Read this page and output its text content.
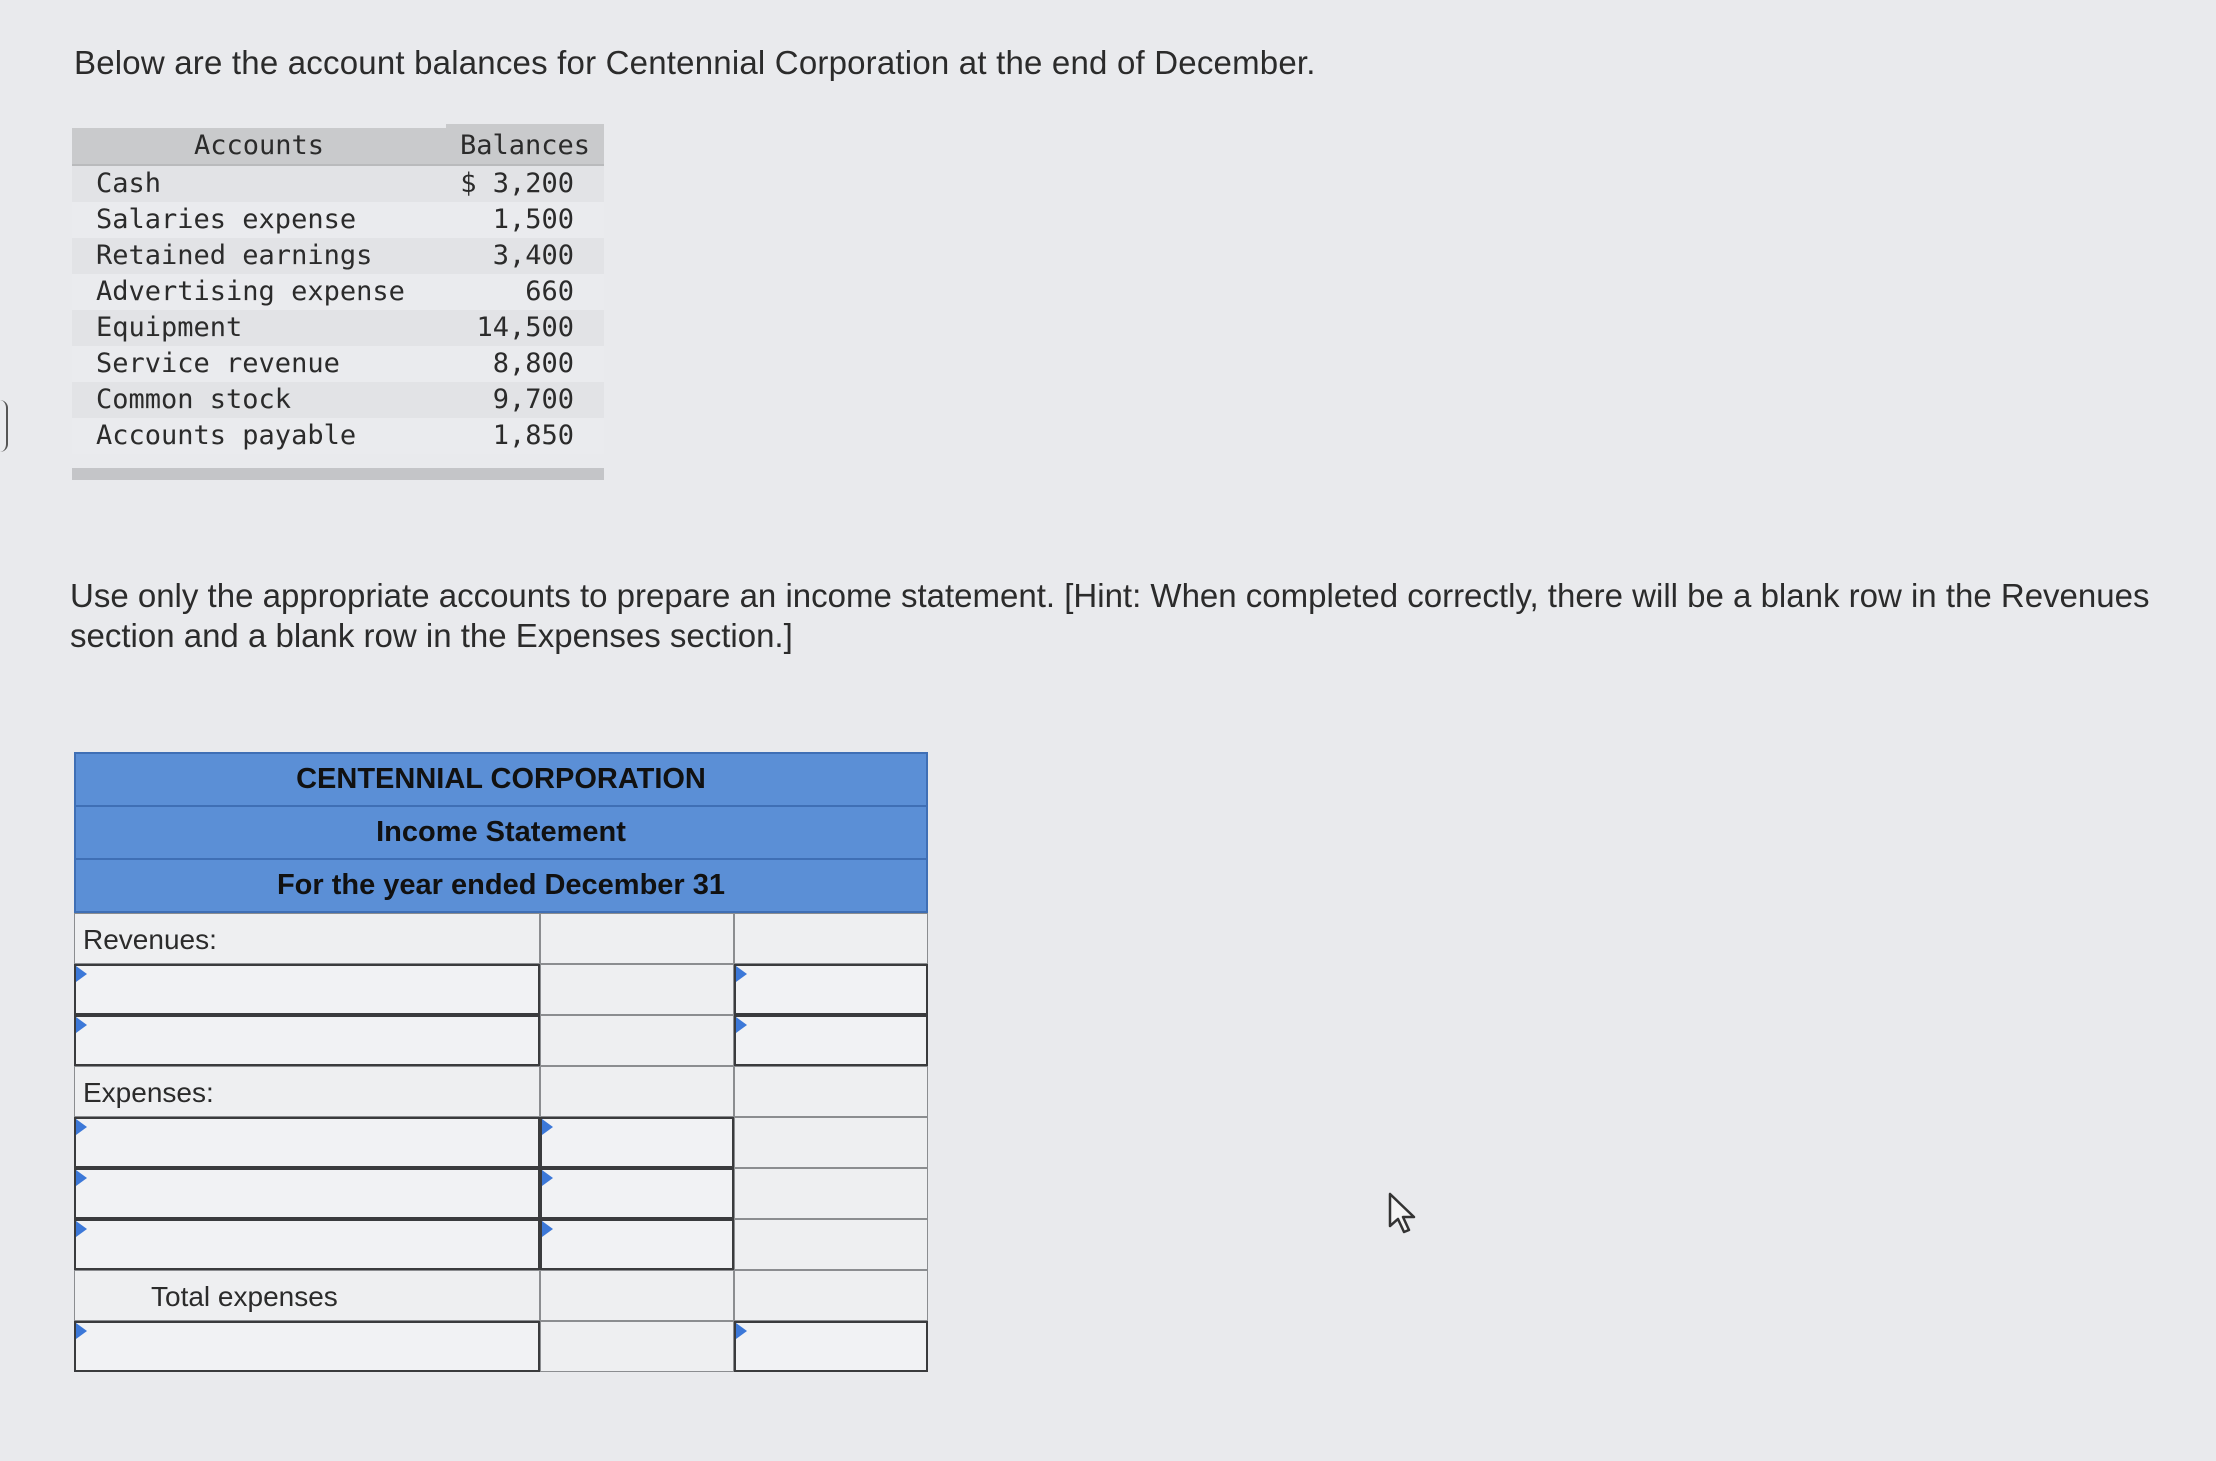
Below are the account balances for Centennial Corporation at the end of December.
Accounts	Balances
Cash	$ 3,200
Salaries expense	1,500
Retained earnings	3,400
Advertising expense	660
Equipment	14,500
Service revenue	8,800
Common stock	9,700
Accounts payable	1,850
Use only the appropriate accounts to prepare an income statement. [Hint: When completed correctly, there will be a blank row in the Revenues section and a blank row in the Expenses section.]
CENTENNIAL CORPORATION
Income Statement
For the year ended December 31
Revenues:
Expenses:
Total expenses
